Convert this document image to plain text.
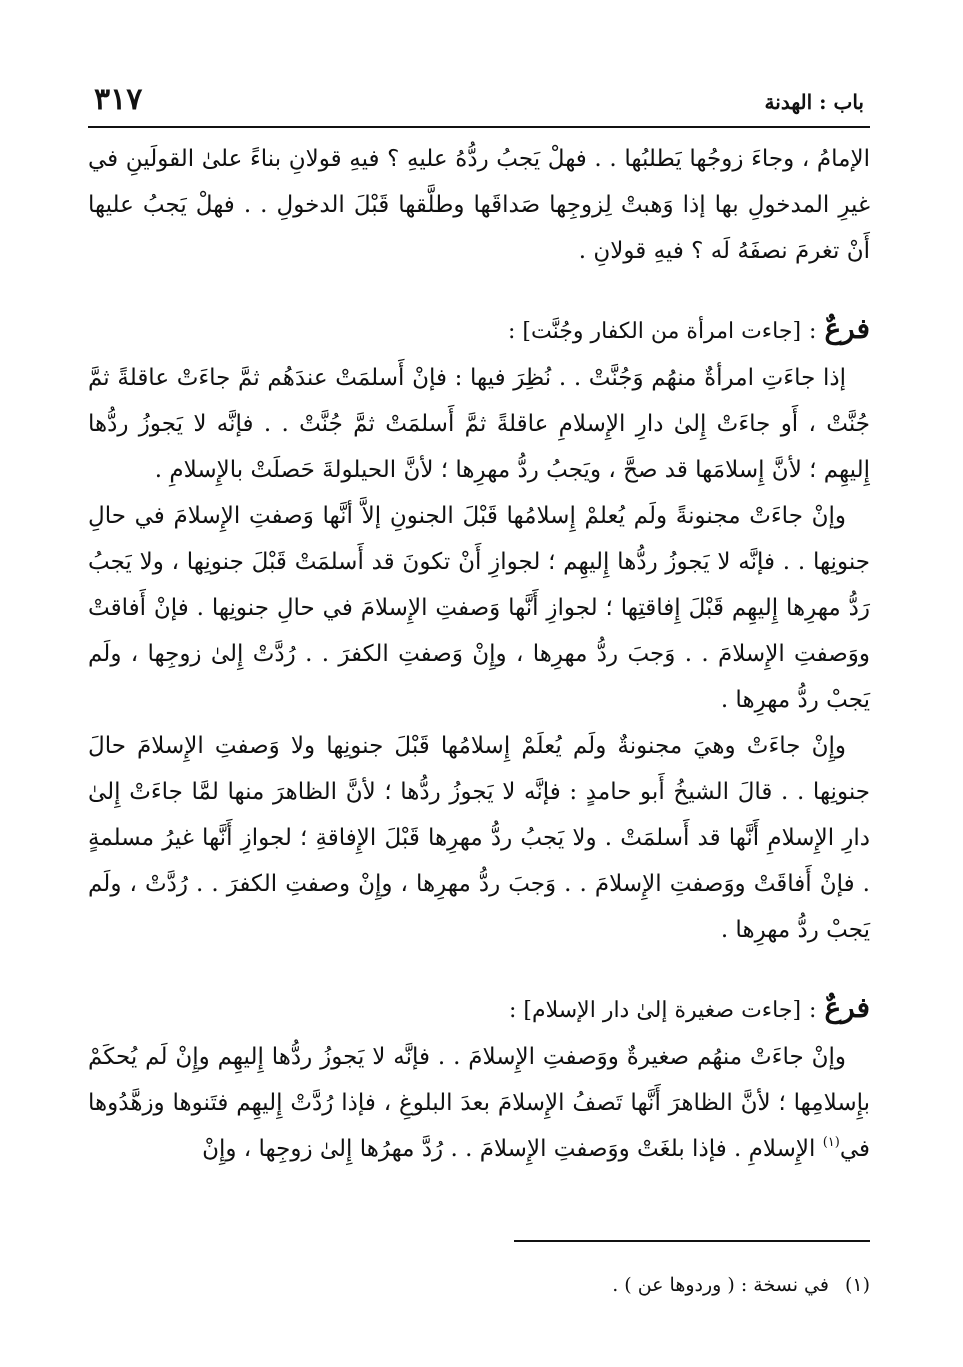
باب : الهدنة
٣١٧

الإمامُ ، وجاءَ زوجُها يَطلبُها . . فهلْ يَجبُ ردُّهُ عليهِ ؟ فيهِ قولانِ بناءً علىٰ القولَينِ في غيرِ المدخولِ بها إذا وَهبتْ لِزوجِها صَداقَها وطلَّقها قَبْلَ الدخولِ . . فهلْ يَجبُ عليها أَنْ تغرمَ نصفَهُ لَه ؟ فيهِ قولانِ .

فرعٌ:[جاءت امرأة من الكفار وجُنَّت] :

إذا جاءَتِ امرأةٌ منهُم وَجُنَّتْ . . نُظِرَ فيها : فإنْ أَسلمَتْ عندَهُم ثمَّ جاءَتْ عاقلةً ثمَّ جُنَّتْ ، أَو جاءَتْ إِلىٰ دارِ الإِسلامِ عاقلةً ثمَّ أَسلمَتْ ثمَّ جُنَّتْ . . فإنَّه لا يَجوزُ ردُّها إِليهِم ؛ لأنَّ إِسلامَها قد صحَّ ، ويَجبُ ردُّ مهرِها ؛ لأنَّ الحيلولةَ حَصلَتْ بالإِسلامِ .

وإنْ جاءَتْ مجنونةً ولَم يُعلمْ إِسلامُها قَبْلَ الجنونِ إلاَّ أنَّها وَصفتِ الإِسلامَ في حالِ جنونِها . . فإنَّه لا يَجوزُ ردُّها إِليهِم ؛ لجوازِ أَنْ تكونَ قد أَسلمَتْ قَبْلَ جنونِها ، ولا يَجبُ رَدُّ مهرِها إِليهِم قَبْلَ إِفاقتِها ؛ لجوازِ أَنَّها وَصفتِ الإِسلامَ في حالِ جنونِها . فإنْ أَفاقتْ ووَصفتِ الإِسلامَ . . وَجبَ ردُّ مهرِها ، وإِنْ وَصفتِ الكفرَ . . رُدَّتْ إِلىٰ زوجِها ، ولَم يَجبْ ردُّ مهرِها .

وإِنْ جاءَتْ وهيَ مجنونةٌ ولَم يُعلَمْ إِسلامُها قَبْلَ جنونِها ولا وَصفتِ الإِسلامَ حالَ جنونِها . . قالَ الشيخُ أَبو حامدٍ : فإنَّه لا يَجوزُ ردُّها ؛ لأنَّ الظاهرَ منها لمَّا جاءَتْ إِلىٰ دارِ الإِسلامِ أَنَّها قد أَسلمَتْ . ولا يَجبُ ردُّ مهرِها قَبْلَ الإِفاقةِ ؛ لجوازِ أَنَّها غيرُ مسلمةٍ . فإنْ أَفاقَتْ ووَصفتِ الإِسلامَ . . وَجبَ ردُّ مهرِها ، وإِنْ وصفتِ الكفرَ . . رُدَّتْ ، ولَم يَجبْ ردُّ مهرِها .

فرعٌ:[جاءت صغيرة إلىٰ دار الإسلام] :

وإنْ جاءَتْ منهُم صغيرةٌ ووَصفتِ الإِسلامَ . . فإنَّه لا يَجوزُ ردُّها إِليهِم وإِنْ لَم يُحكَمْ بإِسلامِها ؛ لأنَّ الظاهرَ أَنَّها تَصفُ الإِسلامَ بعدَ البلوغِ ، فإذا رُدَّتْ إِليهِم فتَنوها وزهَّدُوها في$^{(١)}$ الإِسلامِ . فإذا بلغَتْ ووَصفتِ الإِسلامَ . . رُدَّ مهرُها إِلىٰ زوجِها ، وإِنْ

(١)في نسخة : ( وردوها عن ) .
